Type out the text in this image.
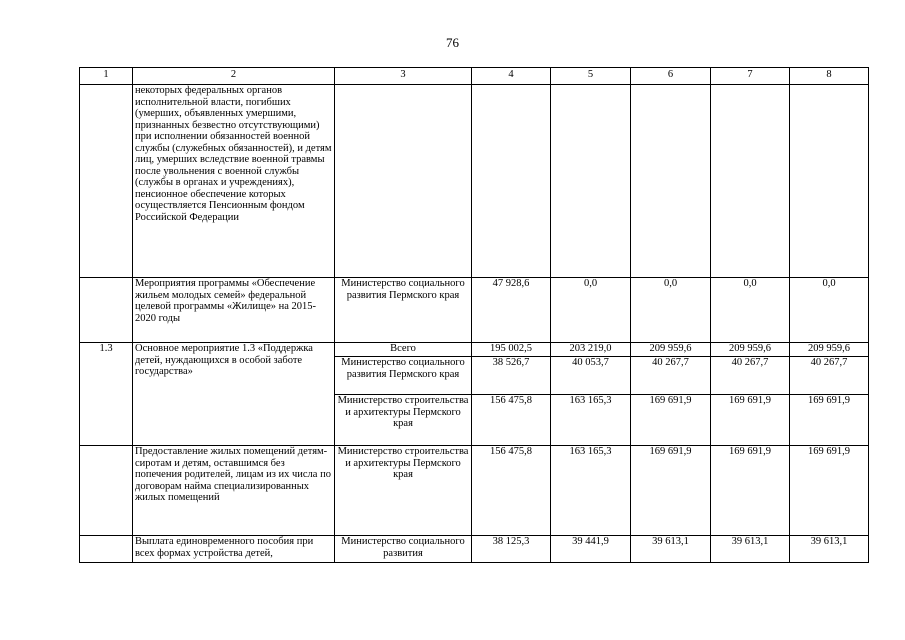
76
1	2	3	4	5	6	7	8
	некоторых федеральных органов исполнительной власти, погибших (умерших, объявленных умершими, признанных безвестно отсутствующими) при исполнении обязанностей военной службы (служебных обязанностей), и детям лиц, умерших вследствие военной травмы после увольнения с военной службы (службы в органах и учреждениях), пенсионное обеспечение которых осуществляется Пенсионным фондом Российской Федерации						
	Мероприятия программы «Обеспечение жильем молодых семей» федеральной целевой программы «Жилище» на 2015-2020 годы	Министерство социального развития Пермского края	47 928,6	0,0	0,0	0,0	0,0
1.3	Основное мероприятие 1.3 «Поддержка детей, нуждающихся в особой заботе государства»	Всего	195 002,5	203 219,0	209 959,6	209 959,6	209 959,6
		Министерство социального развития Пермского края	38 526,7	40 053,7	40 267,7	40 267,7	40 267,7
		Министерство строительства и архитектуры Пермского края	156 475,8	163 165,3	169 691,9	169 691,9	169 691,9
	Предоставление жилых помещений детям-сиротам и детям, оставшимся без попечения родителей, лицам из их числа по договорам найма специализированных жилых помещений	Министерство строительства и архитектуры Пермского края	156 475,8	163 165,3	169 691,9	169 691,9	169 691,9
	Выплата единовременного пособия при всех формах устройства детей,	Министерство социального развития	38 125,3	39 441,9	39 613,1	39 613,1	39 613,1
